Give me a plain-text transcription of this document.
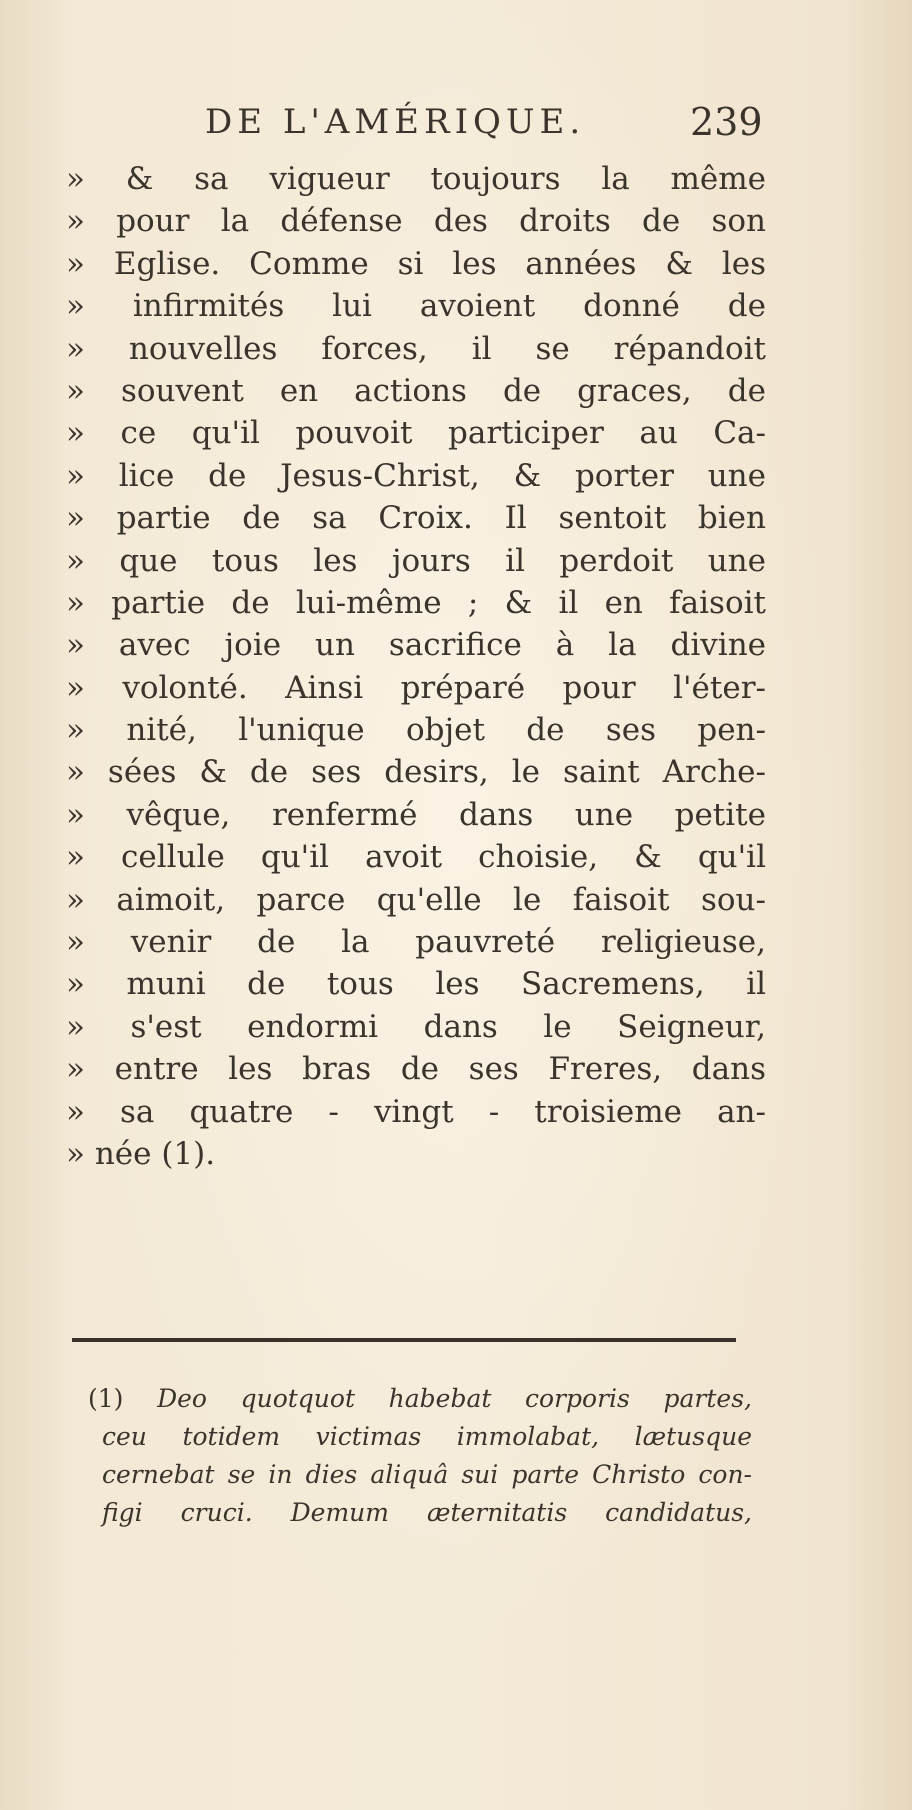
DE L'AMÉRIQUE.	239
» & sa vigueur toujours la même
» pour la défense des droits de son
» Eglise. Comme si les années & les
» infirmités lui avoient donné de
» nouvelles forces, il se répandoit
» souvent en actions de graces, de
» ce qu'il pouvoit participer au Ca-
» lice de Jesus-Christ, & porter une
» partie de sa Croix. Il sentoit bien
» que tous les jours il perdoit une
» partie de lui-même ; & il en faisoit
» avec joie un sacrifice à la divine
» volonté. Ainsi préparé pour l'éter-
» nité, l'unique objet de ses pen-
» sées & de ses desirs, le saint Arche-
» vêque, renfermé dans une petite
» cellule qu'il avoit choisie, & qu'il
» aimoit, parce qu'elle le faisoit sou-
» venir de la pauvreté religieuse,
» muni de tous les Sacremens, il
» s'est endormi dans le Seigneur,
» entre les bras de ses Freres, dans
» sa quatre - vingt - troisieme an-
» née (1).
(1) Deo quotquot habebat corporis partes,
ceu totidem victimas immolabat, lætusque
cernebat se in dies aliquâ sui parte Christo con-
figi cruci. Demum æternitatis candidatus,
